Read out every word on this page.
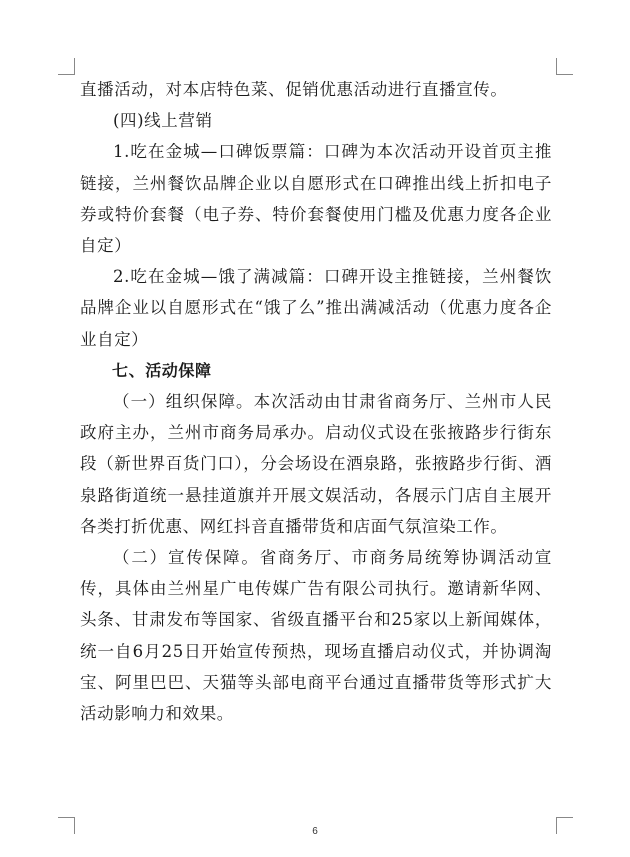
直播活动，对本店特色菜、促销优惠活动进行直播宣传。

(四)线上营销

1.吃在金城—口碑饭票篇：口碑为本次活动开设首页主推链接，兰州餐饮品牌企业以自愿形式在口碑推出线上折扣电子券或特价套餐（电子券、特价套餐使用门槛及优惠力度各企业自定）

2.吃在金城—饿了满减篇：口碑开设主推链接，兰州餐饮品牌企业以自愿形式在“饿了么”推出满减活动（优惠力度各企业自定）

七、活动保障

（一）组织保障。本次活动由甘肃省商务厅、兰州市人民政府主办，兰州市商务局承办。启动仪式设在张掖路步行街东段（新世界百货门口），分会场设在酒泉路，张掖路步行街、酒泉路街道统一悬挂道旗并开展文娱活动，各展示门店自主展开各类打折优惠、网红抖音直播带货和店面气氛渲染工作。

（二）宣传保障。省商务厅、市商务局统筹协调活动宣传，具体由兰州星广电传媒广告有限公司执行。邀请新华网、头条、甘肃发布等国家、省级直播平台和25家以上新闻媒体，统一自6月25日开始宣传预热，现场直播启动仪式，并协调淘宝、阿里巴巴、天猫等头部电商平台通过直播带货等形式扩大活动影响力和效果。

6
